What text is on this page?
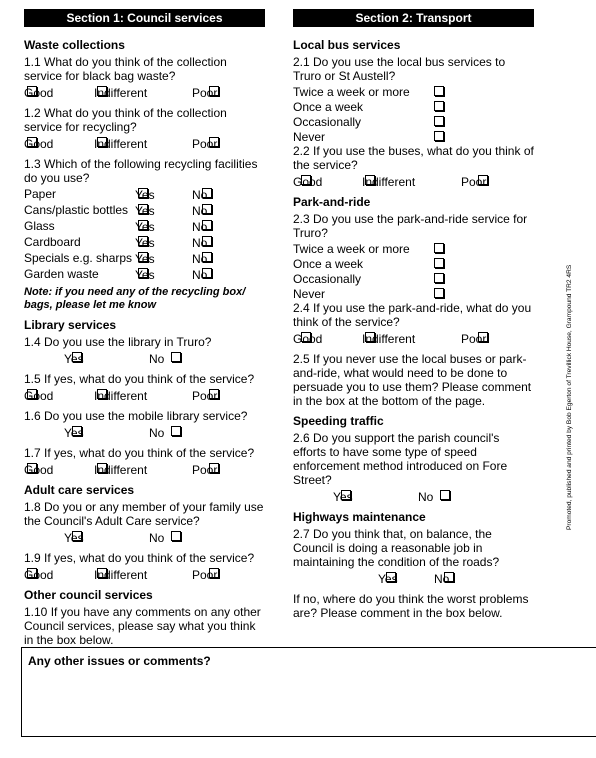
Section 1: Council services
Waste collections
1.1 What do you think of the collection service for black bag waste?
Good	Indifferent	Poor
1.2 What do you think of the collection service for recycling?
Good	Indifferent	Poor
1.3 Which of the following recycling facilities do you use?
Paper	Yes	No
Cans/plastic bottles Yes	No
Glass	Yes	No
Cardboard	Yes	No
Specials e.g. sharps Yes	No
Garden waste	Yes	No
Note: if you need any of the recycling box/ bags, please let me know
Library services
1.4 Do you use the library in Truro?
Yes	No
1.5 If yes, what do you think of the service?
Good	Indifferent	Poor
1.6 Do you use the mobile library service?
Yes	No
1.7 If yes, what do you think of the service?
Good	Indifferent	Poor
Adult care services
1.8 Do you or any member of your family use the Council's Adult Care service?
Yes	No
1.9 If yes, what do you think of the service?
Good	Indifferent	Poor
Other council services
1.10 If you have any comments on any other Council services, please say what you think in the box below.
Section 2: Transport
Local bus services
2.1 Do you use the local bus services to Truro or St Austell?
Twice a week or more
Once a week
Occasionally
Never
2.2 If you use the buses, what do you think of the service?
Good	Indifferent	Poor
Park-and-ride
2.3 Do you use the park-and-ride service for Truro?
Twice a week or more
Once a week
Occasionally
Never
2.4 If you use the park-and-ride, what do you think of the service?
Good	Indifferent	Poor
2.5 If you never use the local buses or park-and-ride, what would need to be done to persuade you to use them? Please comment in the box at the bottom of the page.
Speeding traffic
2.6 Do you support the parish council's efforts to have some type of speed enforcement method introduced on Fore Street?
Yes	No
Highways maintenance
2.7 Do you think that, on balance, the Council is doing a reasonable job in maintaining the condition of the roads?
Yes	No
If no, where do you think the worst problems are? Please comment in the box below.
Any other issues or comments?
Promoted, published and printed by Bob Egerton of Trevillick House, Grampound TR2 4RS
